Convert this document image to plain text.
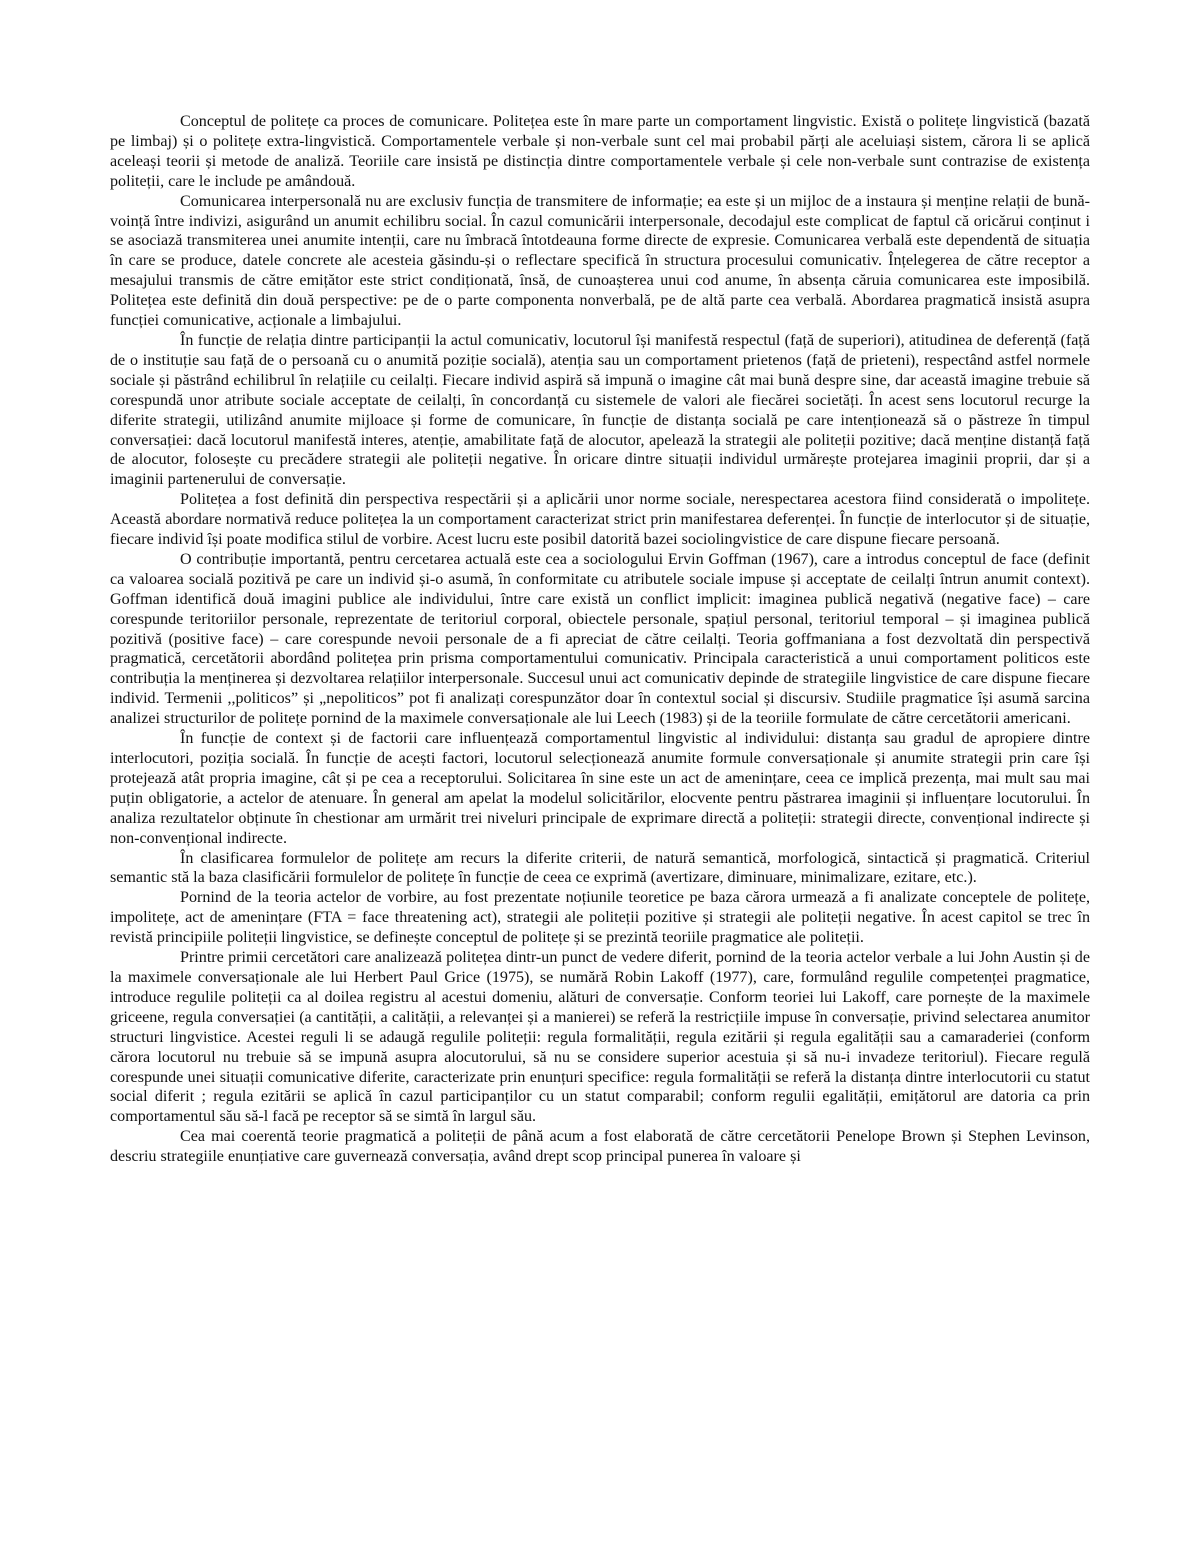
Conceptul de politețe ca proces de comunicare. Politețea este în mare parte un comportament lingvistic. Există o politețe lingvistică (bazată pe limbaj) și o politețe extra-lingvistică. Comportamentele verbale și non-verbale sunt cel mai probabil părți ale aceluiași sistem, cărora li se aplică aceleași teorii și metode de analiză. Teoriile care insistă pe distincția dintre comportamentele verbale și cele non-verbale sunt contrazise de existența politeții, care le include pe amândouă.

Comunicarea interpersonală nu are exclusiv funcția de transmitere de informație; ea este și un mijloc de a instaura și menține relații de bună-voință între indivizi, asigurând un anumit echilibru social. În cazul comunicării interpersonale, decodajul este complicat de faptul că oricărui conținut i se asociază transmiterea unei anumite intenții, care nu îmbracă întotdeauna forme directe de expresie. Comunicarea verbală este dependentă de situația în care se produce, datele concrete ale acesteia găsindu-și o reflectare specifică în structura procesului comunicativ. Înțelegerea de către receptor a mesajului transmis de către emițător este strict condiționată, însă, de cunoașterea unui cod anume, în absența căruia comunicarea este imposibilă. Politețea este definită din două perspective: pe de o parte componenta nonverbală, pe de altă parte cea verbală. Abordarea pragmatică insistă asupra funcției comunicative, acționale a limbajului.

În funcție de relația dintre participanții la actul comunicativ, locutorul își manifestă respectul (față de superiori), atitudinea de deferență (față de o instituție sau față de o persoană cu o anumită poziție socială), atenția sau un comportament prietenos (față de prieteni), respectând astfel normele sociale și păstrând echilibrul în relațiile cu ceilalți. Fiecare individ aspiră să impună o imagine cât mai bună despre sine, dar această imagine trebuie să corespundă unor atribute sociale acceptate de ceilalți, în concordanță cu sistemele de valori ale fiecărei societăți. În acest sens locutorul recurge la diferite strategii, utilizând anumite mijloace și forme de comunicare, în funcție de distanța socială pe care intenționează să o păstreze în timpul conversației: dacă locutorul manifestă interes, atenție, amabilitate față de alocutor, apelează la strategii ale politeții pozitive; dacă menține distanță față de alocutor, folosește cu precădere strategii ale politeții negative. În oricare dintre situații individul urmărește protejarea imaginii proprii, dar și a imaginii partenerului de conversație.

Politețea a fost definită din perspectiva respectării și a aplicării unor norme sociale, nerespectarea acestora fiind considerată o impolitețe. Această abordare normativă reduce politețea la un comportament caracterizat strict prin manifestarea deferenței. În funcție de interlocutor și de situație, fiecare individ își poate modifica stilul de vorbire. Acest lucru este posibil datorită bazei sociolingvistice de care dispune fiecare persoană.

O contribuție importantă, pentru cercetarea actuală este cea a sociologului Ervin Goffman (1967), care a introdus conceptul de face (definit ca valoarea socială pozitivă pe care un individ și-o asumă, în conformitate cu atributele sociale impuse și acceptate de ceilalți întrun anumit context). Goffman identifică două imagini publice ale individului, între care există un conflict implicit: imaginea publică negativă (negative face) – care corespunde teritoriilor personale, reprezentate de teritoriul corporal, obiectele personale, spațiul personal, teritoriul temporal – și imaginea publică pozitivă (positive face) – care corespunde nevoii personale de a fi apreciat de către ceilalți. Teoria goffmaniana a fost dezvoltată din perspectivă pragmatică, cercetătorii abordând politețea prin prisma comportamentului comunicativ. Principala caracteristică a unui comportament politicos este contribuția la menținerea și dezvoltarea relațiilor interpersonale. Succesul unui act comunicativ depinde de strategiile lingvistice de care dispune fiecare individ. Termenii ,,politicos” și „nepoliticos” pot fi analizați corespunzător doar în contextul social și discursiv. Studiile pragmatice își asumă sarcina analizei structurilor de politețe pornind de la maximele conversaționale ale lui Leech (1983) și de la teoriile formulate de către cercetătorii americani.

În funcție de context și de factorii care influențează comportamentul lingvistic al individului: distanța sau gradul de apropiere dintre interlocutori, poziția socială. În funcție de acești factori, locutorul selecționează anumite formule conversaționale și anumite strategii prin care își protejează atât propria imagine, cât și pe cea a receptorului. Solicitarea în sine este un act de amenințare, ceea ce implică prezența, mai mult sau mai puțin obligatorie, a actelor de atenuare. În general am apelat la modelul solicitărilor, elocvente pentru păstrarea imaginii și influențare locutorului. În analiza rezultatelor obținute în chestionar am urmărit trei niveluri principale de exprimare directă a politeții: strategii directe, convențional indirecte și non-convențional indirecte.

În clasificarea formulelor de politețe am recurs la diferite criterii, de natură semantică, morfologică, sintactică și pragmatică. Criteriul semantic stă la baza clasificării formulelor de politețe în funcție de ceea ce exprimă (avertizare, diminuare, minimalizare, ezitare, etc.).

Pornind de la teoria actelor de vorbire, au fost prezentate noțiunile teoretice pe baza cărora urmează a fi analizate conceptele de politețe, impolitețe, act de amenințare (FTA = face threatening act), strategii ale politeții pozitive și strategii ale politeții negative. În acest capitol se trec în revistă principiile politeții lingvistice, se definește conceptul de politețe și se prezintă teoriile pragmatice ale politeții.

Printre primii cercetători care analizează politețea dintr-un punct de vedere diferit, pornind de la teoria actelor verbale a lui John Austin și de la maximele conversaționale ale lui Herbert Paul Grice (1975), se numără Robin Lakoff (1977), care, formulând regulile competenței pragmatice, introduce regulile politeții ca al doilea registru al acestui domeniu, alături de conversație. Conform teoriei lui Lakoff, care pornește de la maximele griceene, regula conversației (a cantității, a calității, a relevanței și a manierei) se referă la restricțiile impuse în conversație, privind selectarea anumitor structuri lingvistice. Acestei reguli li se adaugă regulile politeții: regula formalității, regula ezitării și regula egalității sau a camaraderiei (conform cărora locutorul nu trebuie să se impună asupra alocutorului, să nu se considere superior acestuia și să nu-i invadeze teritoriul). Fiecare regulă corespunde unei situații comunicative diferite, caracterizate prin enunțuri specifice: regula formalității se referă la distanța dintre interlocutorii cu statut social diferit ; regula ezitării se aplică în cazul participanților cu un statut comparabil; conform regulii egalității, emițătorul are datoria ca prin comportamentul său să-l facă pe receptor să se simtă în largul său.

Cea mai coerentă teorie pragmatică a politeții de până acum a fost elaborată de către cercetătorii Penelope Brown și Stephen Levinson, descriu strategiile enunțiative care guvernează conversația, având drept scop principal punerea în valoare și
